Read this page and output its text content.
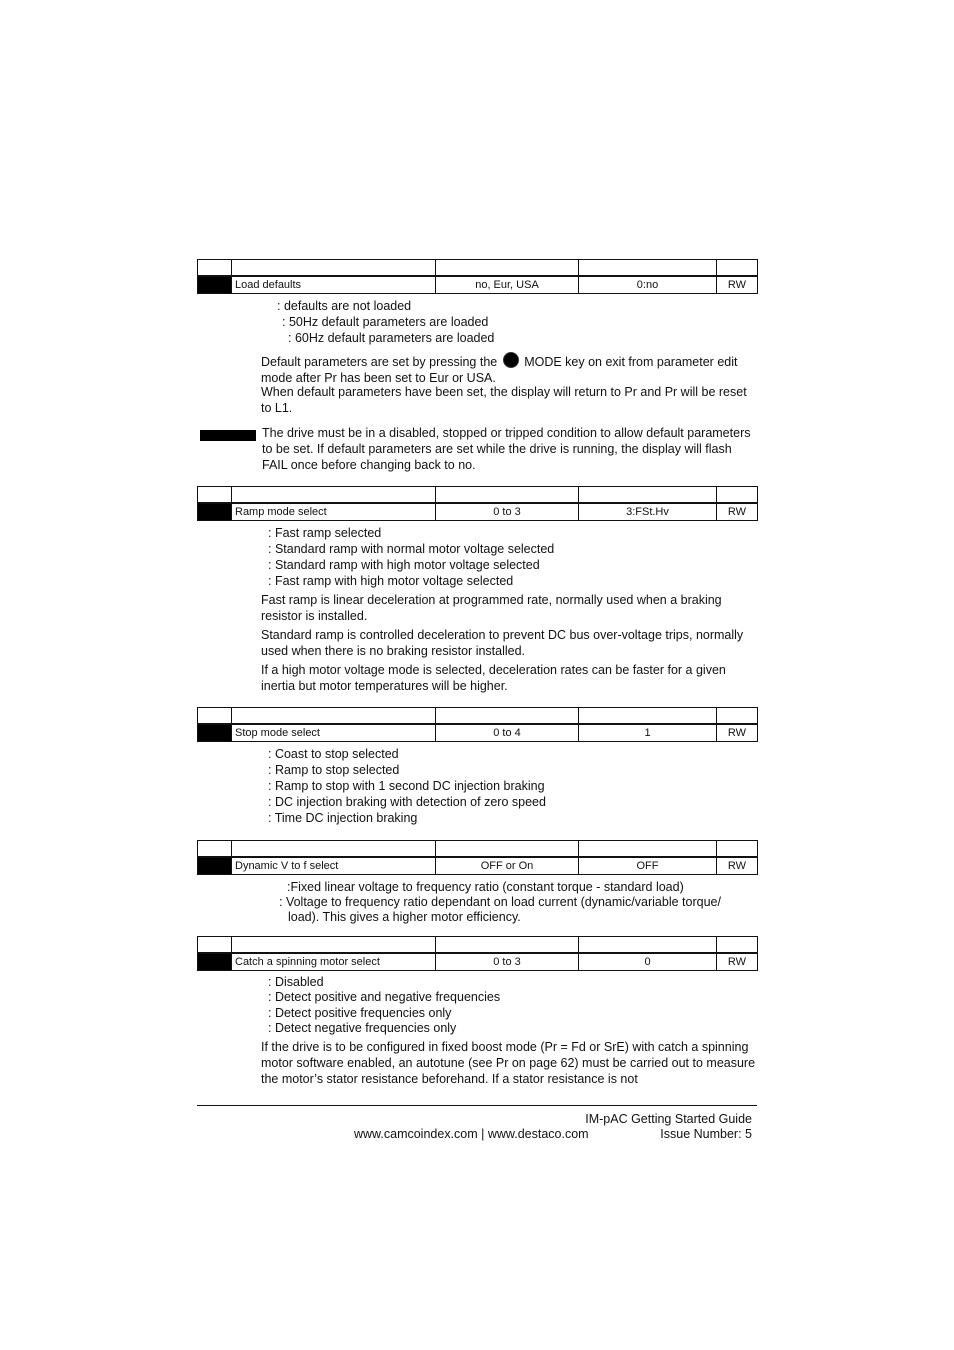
	Load defaults	no, Eur, USA	0:no	RW

: defaults are not loaded

: 50Hz default parameters are loaded

: 60Hz default parameters are loaded

Default parameters are set by pressing the MODE key on exit from parameter edit mode after Pr has been set to Eur or USA.

When default parameters have been set, the display will return to Pr and Pr will be reset to L1.

The drive must be in a disabled, stopped or tripped condition to allow default parameters to be set. If default parameters are set while the drive is running, the display will flash FAIL once before changing back to no.

	Ramp mode select	0 to 3	3:FSt.Hv	RW

: Fast ramp selected

: Standard ramp with normal motor voltage selected

: Standard ramp with high motor voltage selected

: Fast ramp with high motor voltage selected

Fast ramp is linear deceleration at programmed rate, normally used when a braking resistor is installed.

Standard ramp is controlled deceleration to prevent DC bus over-voltage trips, normally used when there is no braking resistor installed.

If a high motor voltage mode is selected, deceleration rates can be faster for a given inertia but motor temperatures will be higher.

	Stop mode select	0 to 4	1	RW

: Coast to stop selected

: Ramp to stop selected

: Ramp to stop with 1 second DC injection braking

: DC injection braking with detection of zero speed

: Time DC injection braking

	Dynamic V to f select	OFF or On	OFF	RW

:Fixed linear voltage to frequency ratio (constant torque - standard load)

: Voltage to frequency ratio dependant on load current (dynamic/variable torque/

load). This gives a higher motor efficiency.

	Catch a spinning motor select	0 to 3	0	RW

: Disabled

: Detect positive and negative frequencies

: Detect positive frequencies only

: Detect negative frequencies only

If the drive is to be configured in fixed boost mode (Pr = Fd or SrE) with catch a spinning motor software enabled, an autotune (see Pr on page 62) must be carried out to measure the motor’s stator resistance beforehand. If a stator resistance is not

IM-pAC Getting Started Guide
www.camcoindex.com | www.destaco.com	Issue Number: 5
